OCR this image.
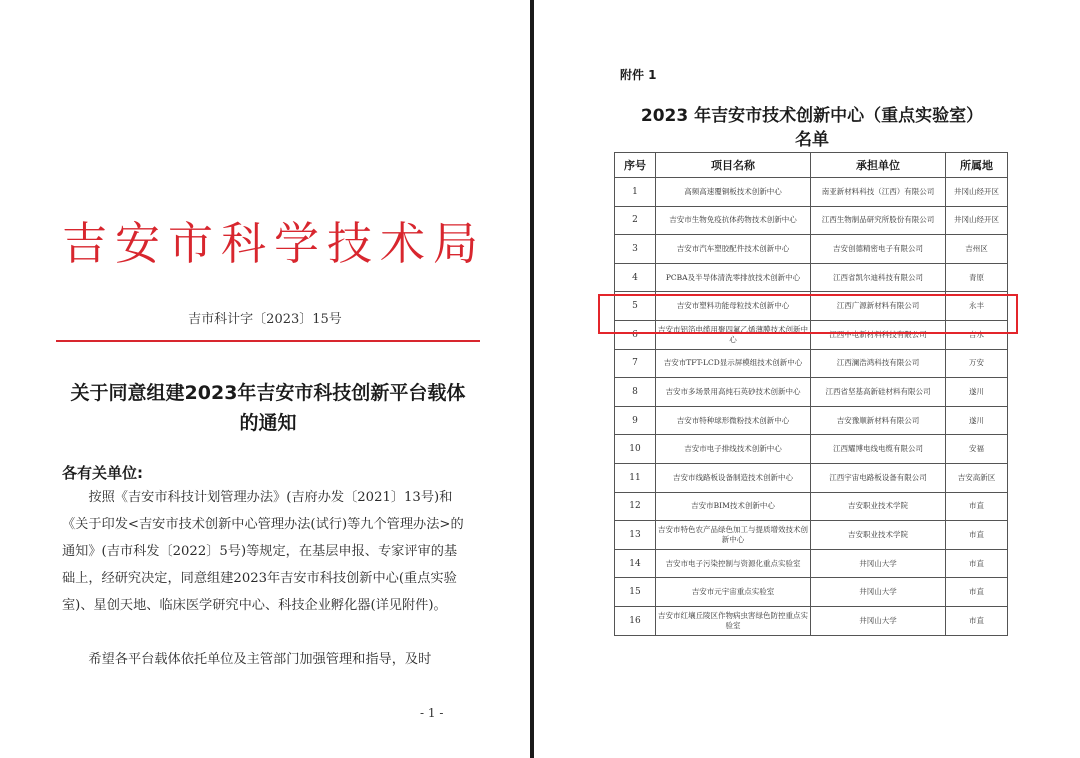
吉安市科学技术局
吉市科计字〔2023〕15号
关于同意组建2023年吉安市科技创新平台载体
的通知
各有关单位:
按照《吉安市科技计划管理办法》(吉府办发〔2021〕13号)和《关于印发<吉安市技术创新中心管理办法(试行)等九个管理办法>的通知》(吉市科发〔2022〕5号)等规定，在基层申报、专家评审的基础上，经研究决定，同意组建2023年吉安市科技创新中心(重点实验室)、星创天地、临床医学研究中心、科技企业孵化器(详见附件)。
希望各平台载体依托单位及主管部门加强管理和指导，及时
- 1 -
附件 1
2023 年吉安市技术创新中心（重点实验室）
名单
序号	项目名称	承担单位	所属地
1	高频高速覆铜板技术创新中心	南亚新材料科技（江西）有限公司	井冈山经开区
2	吉安市生物免疫抗体药物技术创新中心	江西生物制品研究所股份有限公司	井冈山经开区
3	吉安市汽车塑胶配件技术创新中心	吉安创德精密电子有限公司	吉州区
4	PCBA及半导体清洗零排放技术创新中心	江西省凯尔迪科技有限公司	青原
5	吉安市塑料功能母粒技术创新中心	江西广源新材料有限公司	永丰
6	吉安市铝箔电缆用聚四氟乙烯薄膜技术创新中心	江西中电新材料科技有限公司	吉水
7	吉安市TFT-LCD显示屏模组技术创新中心	江西澜浩鸿科技有限公司	万安
8	吉安市多场景用高纯石英砂技术创新中心	江西省坚基高新硅材料有限公司	遂川
9	吉安市特种球形微粉技术创新中心	吉安豫顺新材料有限公司	遂川
10	吉安市电子排线技术创新中心	江西耀博电线电缆有限公司	安福
11	吉安市线路板设备制造技术创新中心	江西宇宙电路板设备有限公司	吉安高新区
12	吉安市BIM技术创新中心	吉安职业技术学院	市直
13	吉安市特色农产品绿色加工与提质增效技术创新中心	吉安职业技术学院	市直
14	吉安市电子污染控制与资源化重点实验室	井冈山大学	市直
15	吉安市元宇宙重点实验室	井冈山大学	市直
16	吉安市红壤丘陵区作物病虫害绿色防控重点实验室	井冈山大学	市直
